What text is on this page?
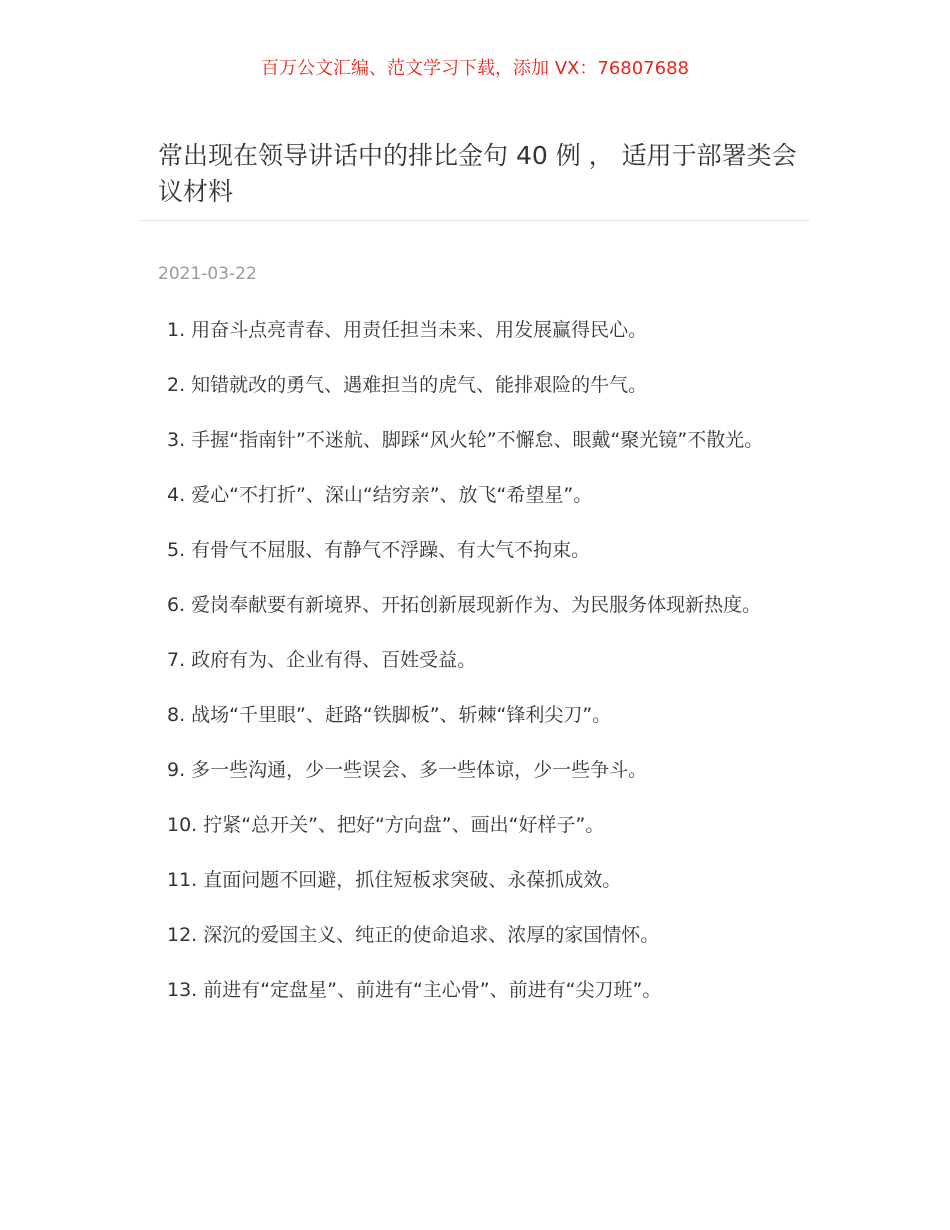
百万公文汇编、范文学习下载，添加 VX：76807688
常出现在领导讲话中的排比金句 40 例 ， 适用于部署类会议材料
2021-03-22
1. 用奋斗点亮青春、用责任担当未来、用发展赢得民心。
2. 知错就改的勇气、遇难担当的虎气、能排艰险的牛气。
3. 手握“指南针”不迷航、脚踩“风火轮”不懈怠、眼戴“聚光镜”不散光。
4. 爱心“不打折”、深山“结穷亲”、放飞“希望星”。
5. 有骨气不屈服、有静气不浮躁、有大气不拘束。
6. 爱岗奉献要有新境界、开拓创新展现新作为、为民服务体现新热度。
7. 政府有为、企业有得、百姓受益。
8. 战场“千里眼”、赶路“铁脚板”、斩棘“锋利尖刀”。
9. 多一些沟通，少一些误会、多一些体谅，少一些争斗。
10. 拧紧“总开关”、把好“方向盘”、画出“好样子”。
11. 直面问题不回避，抓住短板求突破、永葆抓成效。
12. 深沉的爱国主义、纯正的使命追求、浓厚的家国情怀。
13. 前进有“定盘星”、前进有“主心骨”、前进有“尖刀班”。
